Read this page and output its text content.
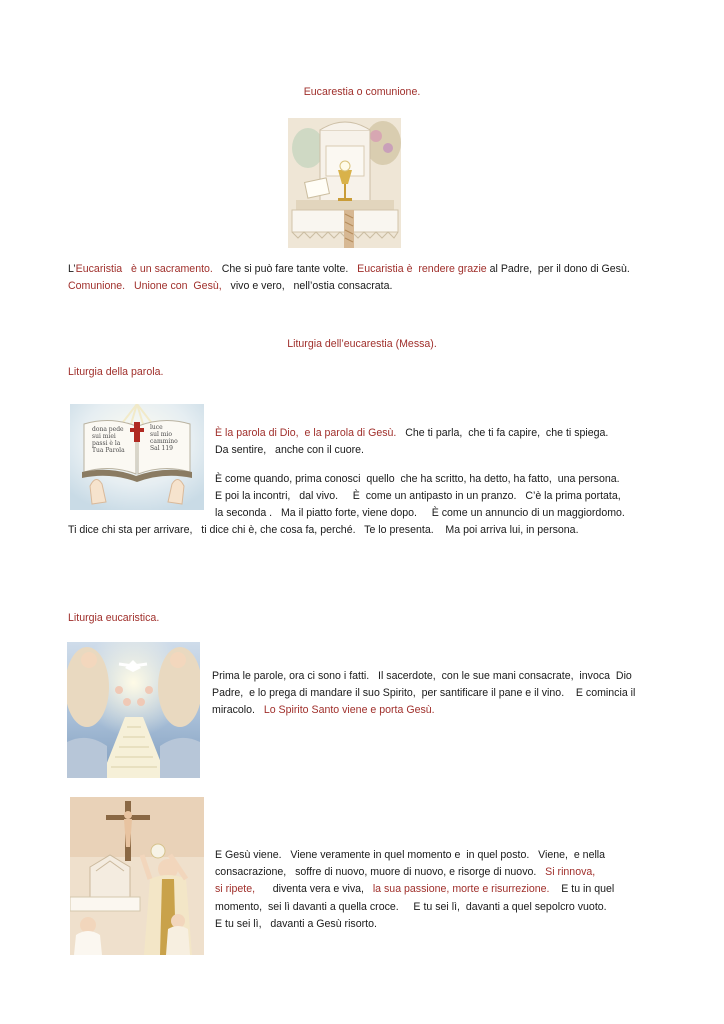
Eucarestia o comunione.
L’Eucaristia   è un sacramento.   Che si può fare tante volte.   Eucaristia è  rendere grazie al Padre,  per il dono di Gesù.
Comunione.   Unione con  Gesù,   vivo e vero,   nell’ostia consacrata.
Liturgia dell’eucarestia (Messa).
Liturgia della parola.
dona pede
sui miei
passi è la
Tua Parola
luce
sul mio
cammino
Sal 119
È la parola di Dio,  e la parola di Gesù.   Che ti parla,  che ti fa capire,  che ti spiega.
Da sentire,   anche con il cuore.
È come quando, prima conosci  quello  che ha scritto, ha detto, ha fatto,  una persona.
E poi la incontri,   dal vivo.     È  come un antipasto in un pranzo.   C’è la prima portata,
la seconda .   Ma il piatto forte, viene dopo.     È come un annuncio di un maggiordomo.
Ti dice chi sta per arrivare,   ti dice chi è, che cosa fa, perché.   Te lo presenta.    Ma poi arriva lui, in persona.
Liturgia eucaristica.
Prima le parole, ora ci sono i fatti.   Il sacerdote,  con le sue mani consacrate,  invoca  Dio
Padre,  e lo prega di mandare il suo Spirito,  per santificare il pane e il vino.    E comincia il
miracolo.   Lo Spirito Santo viene e porta Gesù.
E Gesù viene.   Viene veramente in quel momento e  in quel posto.   Viene,  e nella
consacrazione,   soffre di nuovo, muore di nuovo, e risorge di nuovo.   Si rinnova,
si ripete,      diventa vera e viva,   la sua passione, morte e risurrezione.    E tu in quel
momento,  sei lì davanti a quella croce.     E tu sei lì,  davanti a quel sepolcro vuoto.
E tu sei lì,   davanti a Gesù risorto.
